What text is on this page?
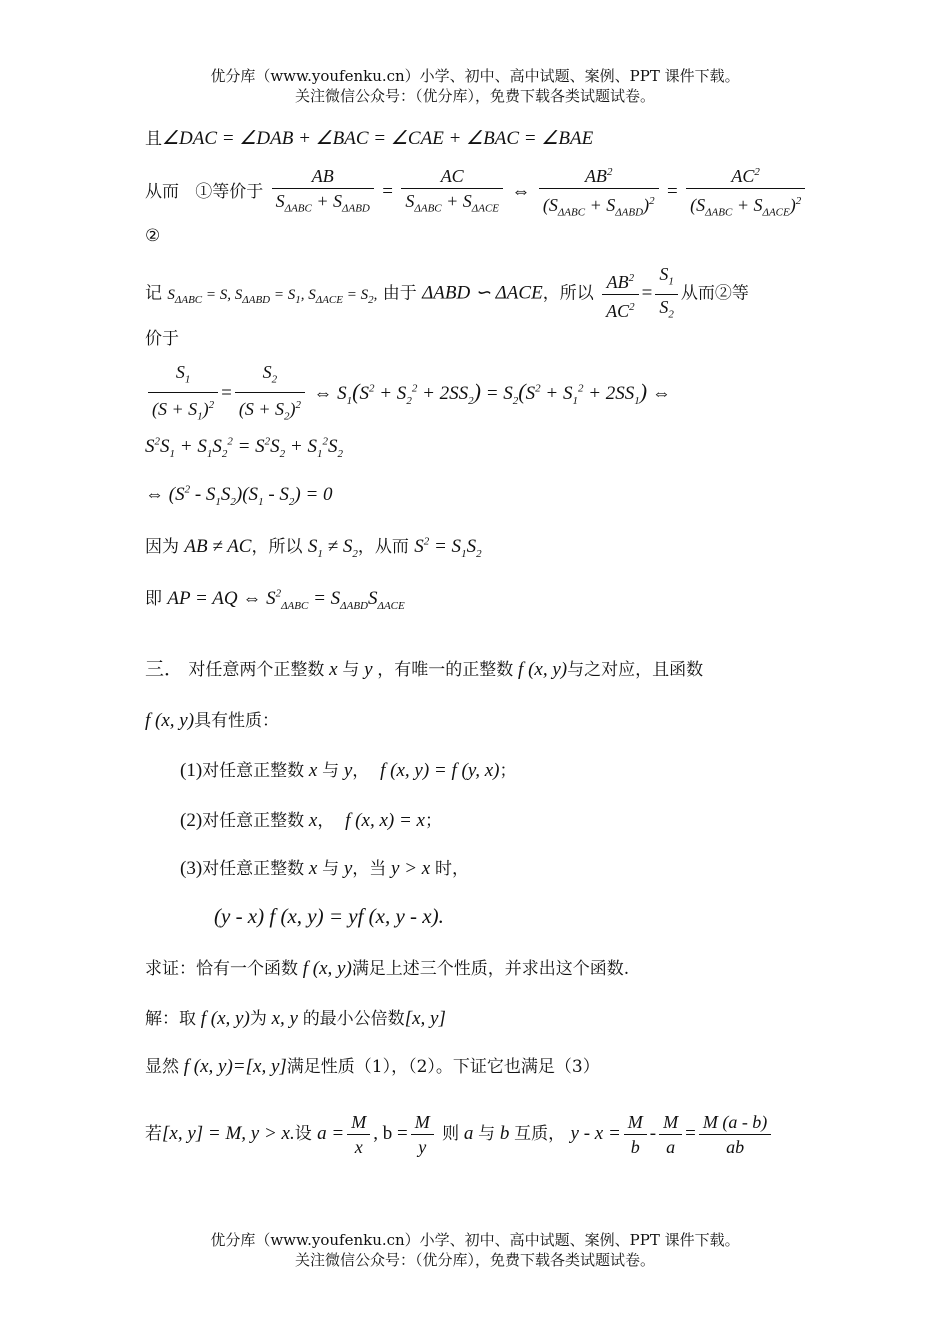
优分库（www.youfenku.cn）小学、初中、高中试题、案例、PPT 课件下载。
关注微信公众号：（优分库），免费下载各类试题试卷。
且∠DAC = ∠DAB + ∠BAC = ∠CAE + ∠BAC = ∠BAE
从而 ①等价于 $\frac{AB}{S_{\Delta ABC} + S_{\Delta ABD}} = \frac{AC}{S_{\Delta ABC} + S_{\Delta ACE}}$ ⇔ $\frac{AB^2}{(S_{\Delta ABC} + S_{\Delta ABD})^2} = \frac{AC^2}{(S_{\Delta ABC} + S_{\Delta ACE})^2}$
②
记 $S_{\Delta ABC} = S$, $S_{\Delta ABD} = S_1$, $S_{\Delta ACE} = S_2$, 由于 ΔABD ∽ ΔACE，所以 $\frac{AB^2}{AC^2} = \frac{S_1}{S_2}$ 从而②等
价于
$\frac{S_1}{(S + S_1)^2} = \frac{S_2}{(S + S_2)^2}$ ⇔ $S_1(S^2 + S_2^2 + 2SS_2) = S_2(S^2 + S_1^2 + 2SS_1)$ ⇔
$S^2S_1 + S_1S_2^2 = S^2S_2 + S_1^2S_2$
⇔ $(S^2 - S_1S_2)(S_1 - S_2) = 0$
因为 AB ≠ AC，所以 $S_1 \ne S_2$，从而 $S^2 = S_1S_2$
即 AP = AQ ⇔ $S^2_{\Delta ABC} = S_{\Delta ABD}S_{\Delta ACE}$
三． 对任意两个正整数 x 与 y ，有唯一的正整数 f (x, y)与之对应，且函数
f (x, y)具有性质：
(1)对任意正整数 x 与 y，  f (x, y) = f (y, x)；
(2)对任意正整数 x，  f (x, x) = x；
(3)对任意正整数 x 与 y，当 y > x 时，
(y - x) f (x, y) = yf (x, y - x).
求证：恰有一个函数 f (x, y)满足上述三个性质，并求出这个函数.
解：取 f (x, y)为 x, y 的最小公倍数[x, y]
显然 f (x, y)=[x, y]满足性质（1），（2）。下证它也满足（3）
若[x, y] = M, y > x.设 $a = \frac{M}{x}$ , $b = \frac{M}{y}$ 则 a 与 b 互质， $y - x = \frac{M}{b} - \frac{M}{a} = \frac{M (a - b)}{ab}$
优分库（www.youfenku.cn）小学、初中、高中试题、案例、PPT 课件下载。
关注微信公众号：（优分库），免费下载各类试题试卷。
